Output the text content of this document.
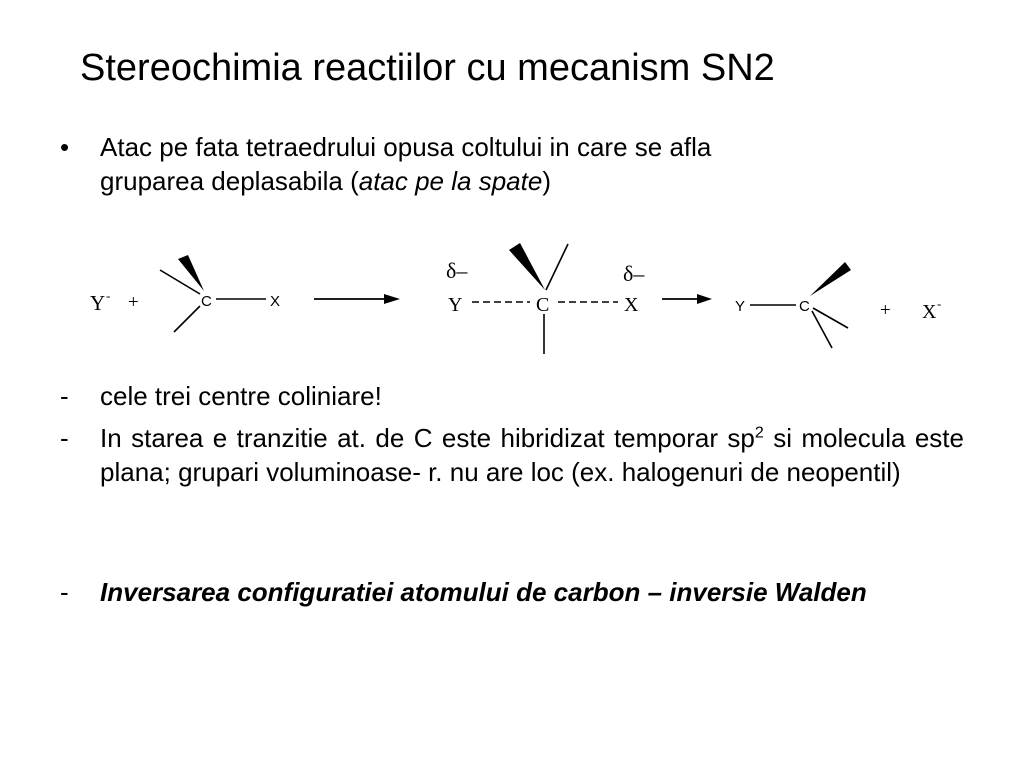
Stereochimia reactiilor cu mecanism SN2
•	Atac pe fata tetraedrului opusa coltului in care se afla
gruparea deplasabila (atac pe la spate)
Y - +	C	X
δ–
Y	C
δ–
X	Y	C	+ X -
-	cele trei centre coliniare!
-	In starea e tranzitie at. de C este hibridizat temporar $sp^2$ si molecula este plana; grupari voluminoase- r. nu are loc (ex. halogenuri de neopentil)
-	Inversarea configuratiei atomului de carbon – inversie Walden
